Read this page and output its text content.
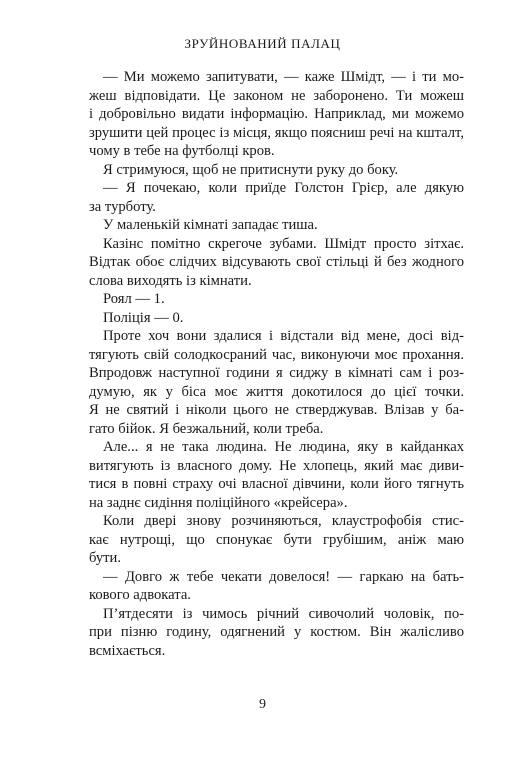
ЗРУЙНОВАНИЙ ПАЛАЦ
— Ми можемо запитувати, — каже Шмідт, — і ти мо-
жеш відповідати. Це законом не заборонено. Ти можеш
і добровільно видати інформацію. Наприклад, ми можемо
зрушити цей процес із місця, якщо поясниш речі на кшталт,
чому в тебе на футболці кров.
Я стримуюся, щоб не притиснути руку до боку.
— Я почекаю, коли приїде Голстон Грієр, але дякую
за турботу.
У маленькій кімнаті западає тиша.
Казінс помітно скрегоче зубами. Шмідт просто зітхає.
Відтак обоє слідчих відсувають свої стільці й без жодного
слова виходять із кімнати.
Роял — 1.
Поліція — 0.
Проте хоч вони здалися і відстали від мене, досі від-
тягують свій солодкосраний час, виконуючи моє прохання.
Впродовж наступної години я сиджу в кімнаті сам і роз-
думую, як у біса моє життя докотилося до цієї точки.
Я не святий і ніколи цього не стверджував. Влізав у ба-
гато бійок. Я безжальний, коли треба.
Але... я не така людина. Не людина, яку в кайданках
витягують із власного дому. Не хлопець, який має диви-
тися в повні страху очі власної дівчини, коли його тягнуть
на заднє сидіння поліційного «крейсера».
Коли двері знову розчиняються, клаустрофобія стис-
кає нутрощі, що спонукає бути грубішим, аніж маю
бути.
— Довго ж тебе чекати довелося! — гаркаю на бать-
кового адвоката.
П’ятдесяти із чимось річний сивочолий чоловік, по-
при пізню годину, одягнений у костюм. Він жалісливо
всміхається.
9
